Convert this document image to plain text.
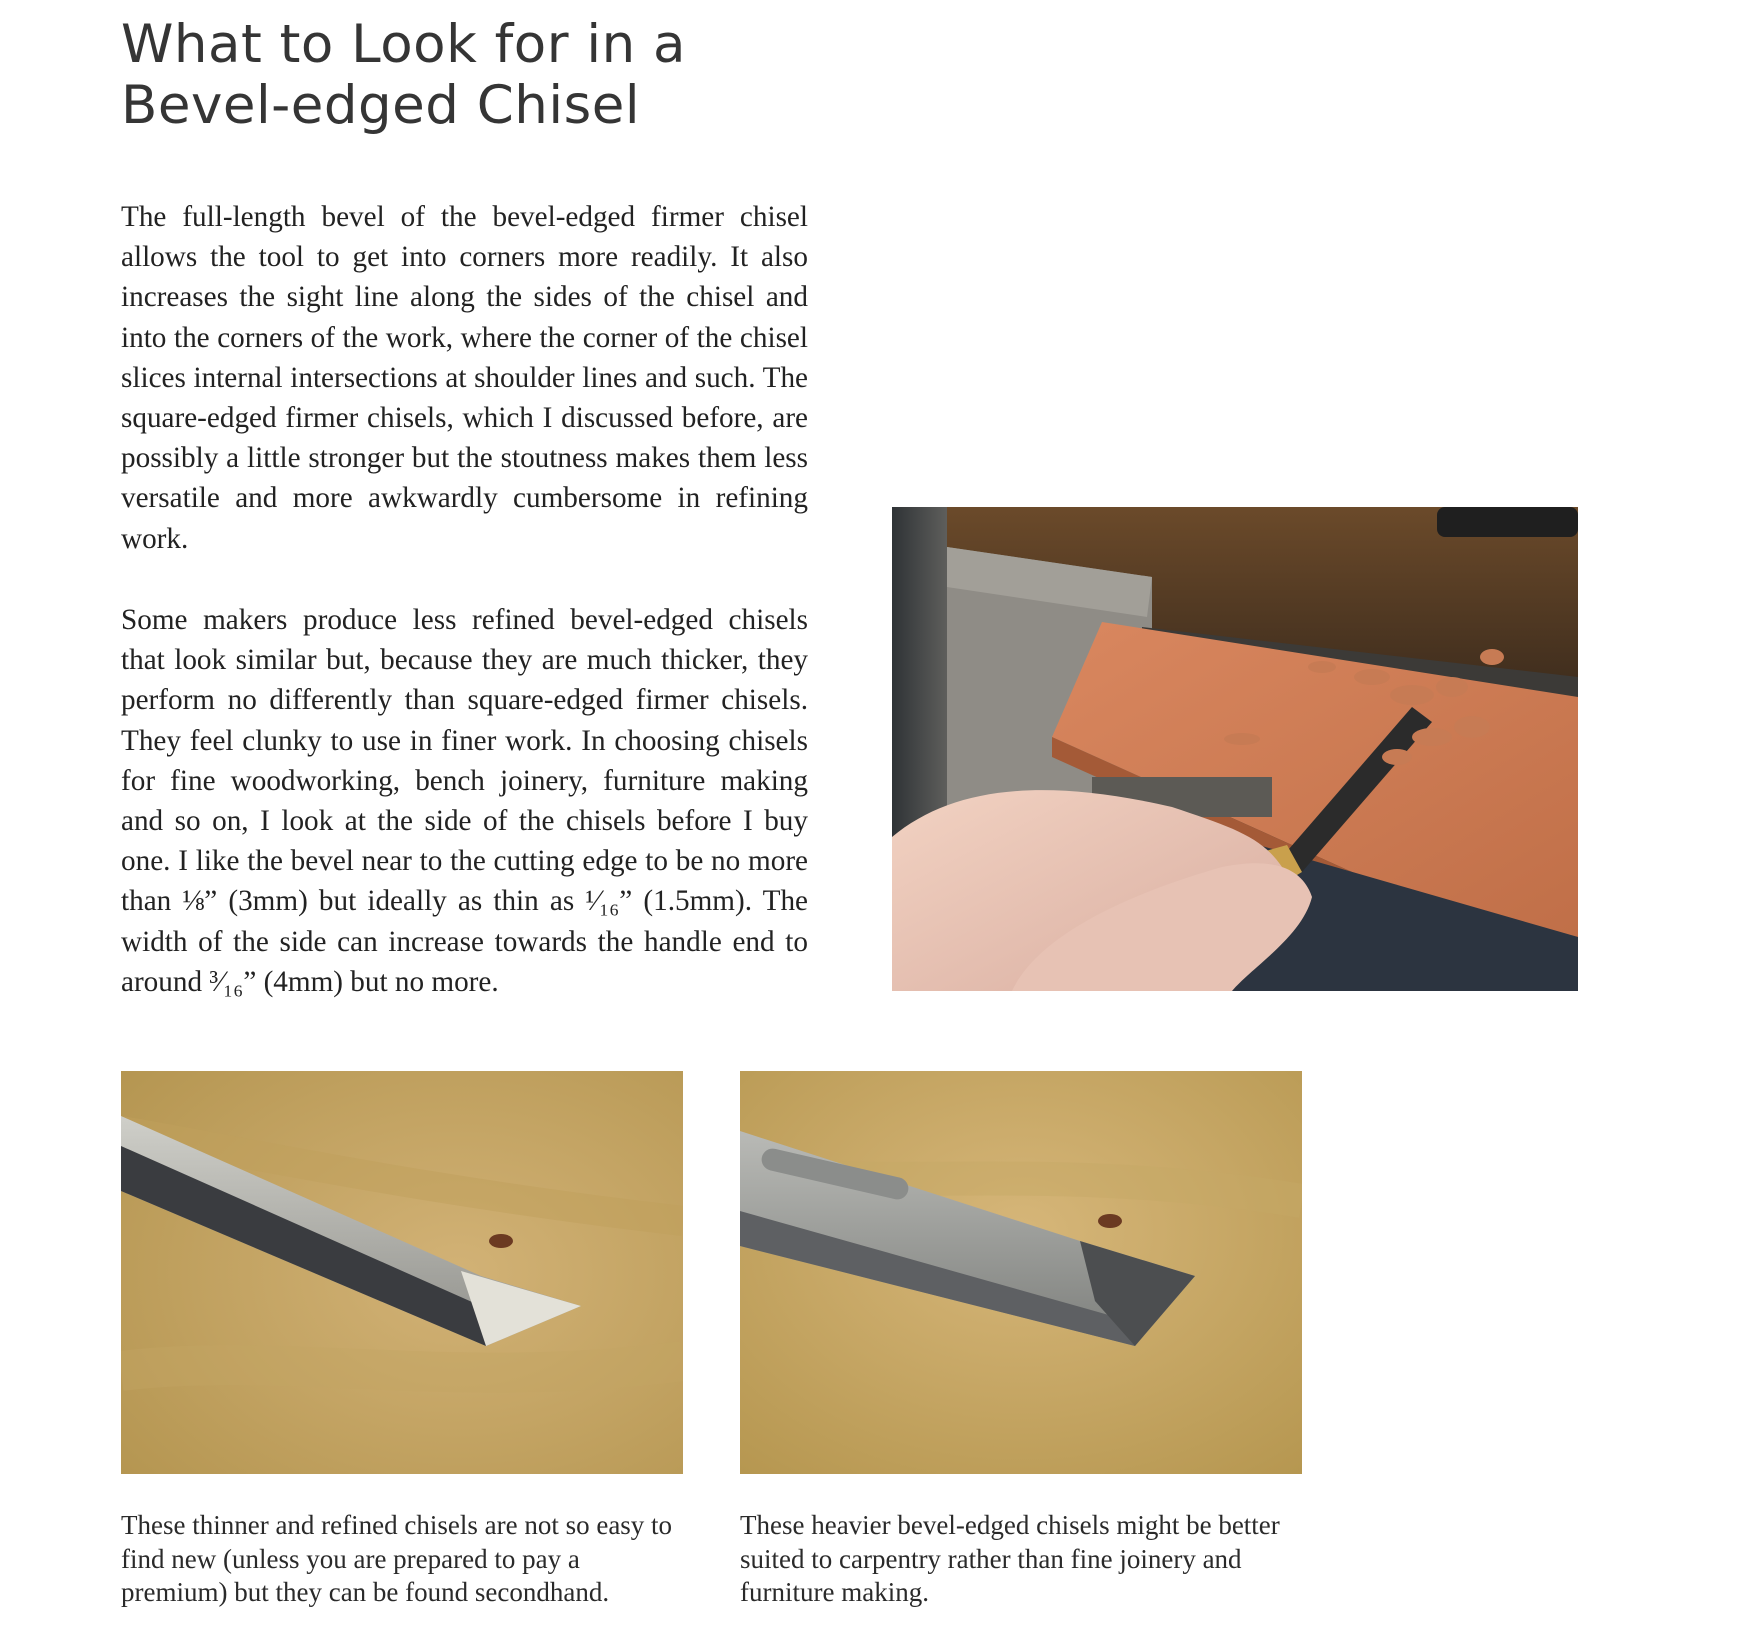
What to Look for in a Bevel-edged Chisel

The full-length bevel of the bevel-edged firmer chisel allows the tool to get into corners more readily. It also increases the sight line along the sides of the chisel and into the corners of the work, where the corner of the chisel slices internal intersections at shoulder lines and such. The square-edged firmer chisels, which I discussed before, are possibly a little stronger but the stoutness makes them less versatile and more awkwardly cumbersome in refining work.

Some makers produce less refined bevel-edged chisels that look similar but, because they are much thicker, they perform no differently than square-edged firmer chisels. They feel clunky to use in finer work. In choosing chisels for fine woodworking, bench joinery, furniture making and so on, I look at the side of the chisels before I buy one. I like the bevel near to the cutting edge to be no more than ⅛” (3mm) but ideally as thin as ¹⁄₁₆” (1.5mm). The width of the side can increase towards the handle end to around ³⁄₁₆” (4mm) but no more.

These thinner and refined chisels are not so easy to find new (unless you are prepared to pay a premium) but they can be found secondhand.

These heavier bevel-edged chisels might be better suited to carpentry rather than fine joinery and furniture making.
